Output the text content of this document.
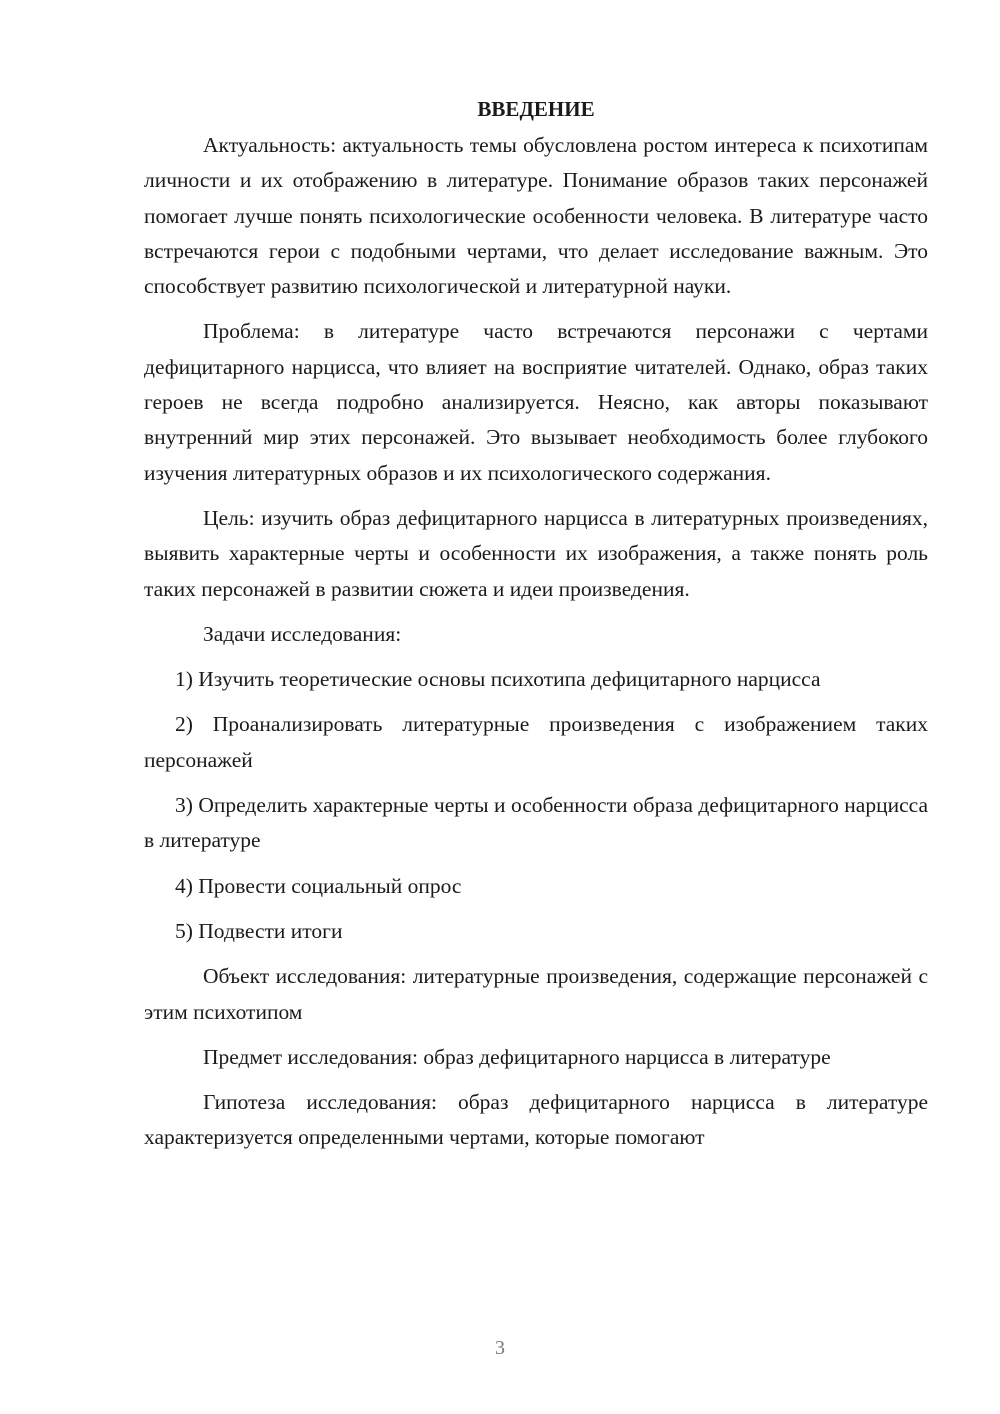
ВВЕДЕНИЕ

Актуальность: актуальность темы обусловлена ростом интереса к психотипам личности и их отображению в литературе. Понимание образов таких персонажей помогает лучше понять психологические особенности человека. В литературе часто встречаются герои с подобными чертами, что делает исследование важным. Это способствует развитию психологической и литературной науки.

Проблема: в литературе часто встречаются персонажи с чертами дефицитарного нарцисса, что влияет на восприятие читателей. Однако, образ таких героев не всегда подробно анализируется. Неясно, как авторы показывают внутренний мир этих персонажей. Это вызывает необходимость более глубокого изучения литературных образов и их психологического содержания.

Цель: изучить образ дефицитарного нарцисса в литературных произведениях, выявить характерные черты и особенности их изображения, а также понять роль таких персонажей в развитии сюжета и идеи произведения.

Задачи исследования:

1) Изучить теоретические основы психотипа дефицитарного нарцисса

2) Проанализировать литературные произведения с изображением таких персонажей

3) Определить характерные черты и особенности образа дефицитарного нарцисса в литературе

4) Провести социальный опрос

5) Подвести итоги

Объект исследования: литературные произведения, содержащие персонажей с этим психотипом

Предмет исследования: образ дефицитарного нарцисса в литературе

Гипотеза исследования: образ дефицитарного нарцисса в литературе характеризуется определенными чертами, которые помогают

3
